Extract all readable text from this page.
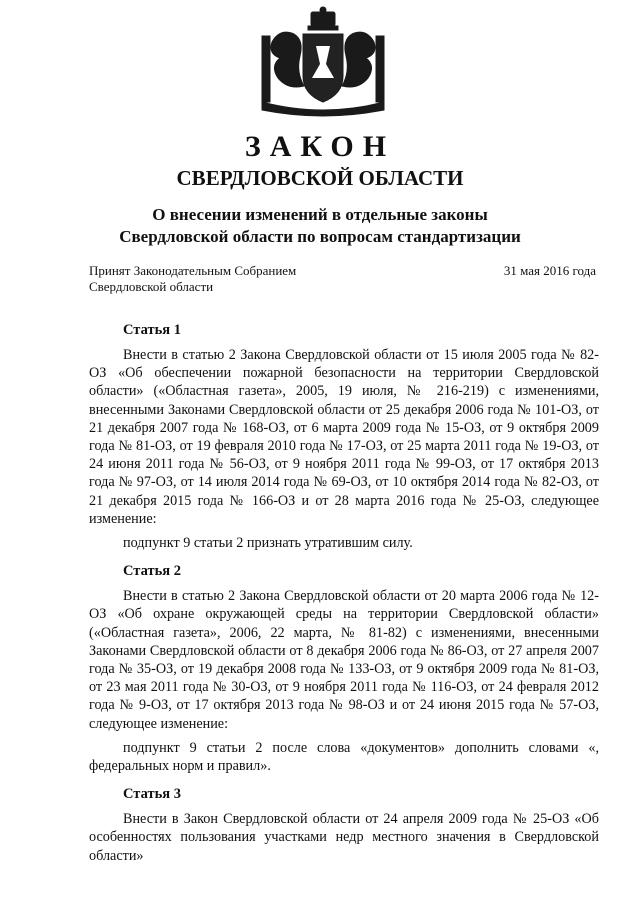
ЗАКОН
СВЕРДЛОВСКОЙ ОБЛАСТИ
О внесении изменений в отдельные законы
Свердловской области по вопросам стандартизации
Принят Законодательным Собранием
Свердловской области
31 мая 2016 года
Статья 1

Внести в статью 2 Закона Свердловской области от 15 июля 2005 года № 82-ОЗ «Об обеспечении пожарной безопасности на территории Свердловской области» («Областная газета», 2005, 19 июля, № 216-219) с изменениями, внесенными Законами Свердловской области от 25 декабря 2006 года № 101-ОЗ, от 21 декабря 2007 года № 168-ОЗ, от 6 марта 2009 года № 15-ОЗ, от 9 октября 2009 года № 81-ОЗ, от 19 февраля 2010 года № 17-ОЗ, от 25 марта 2011 года № 19-ОЗ, от 24 июня 2011 года № 56-ОЗ, от 9 ноября 2011 года № 99-ОЗ, от 17 октября 2013 года № 97-ОЗ, от 14 июля 2014 года № 69-ОЗ, от 10 октября 2014 года № 82-ОЗ, от 21 декабря 2015 года № 166-ОЗ и от 28 марта 2016 года № 25-ОЗ, следующее изменение:

подпункт 9 статьи 2 признать утратившим силу.

Статья 2

Внести в статью 2 Закона Свердловской области от 20 марта 2006 года № 12-ОЗ «Об охране окружающей среды на территории Свердловской области» («Областная газета», 2006, 22 марта, № 81-82) с изменениями, внесенными Законами Свердловской области от 8 декабря 2006 года № 86-ОЗ, от 27 апреля 2007 года № 35-ОЗ, от 19 декабря 2008 года № 133-ОЗ, от 9 октября 2009 года № 81-ОЗ, от 23 мая 2011 года № 30-ОЗ, от 9 ноября 2011 года № 116-ОЗ, от 24 февраля 2012 года № 9-ОЗ, от 17 октября 2013 года № 98-ОЗ и от 24 июня 2015 года № 57-ОЗ, следующее изменение:

подпункт 9 статьи 2 после слова «документов» дополнить словами «, федеральных норм и правил».

Статья 3

Внести в Закон Свердловской области от 24 апреля 2009 года № 25-ОЗ «Об особенностях пользования участками недр местного значения в Свердловской области»
